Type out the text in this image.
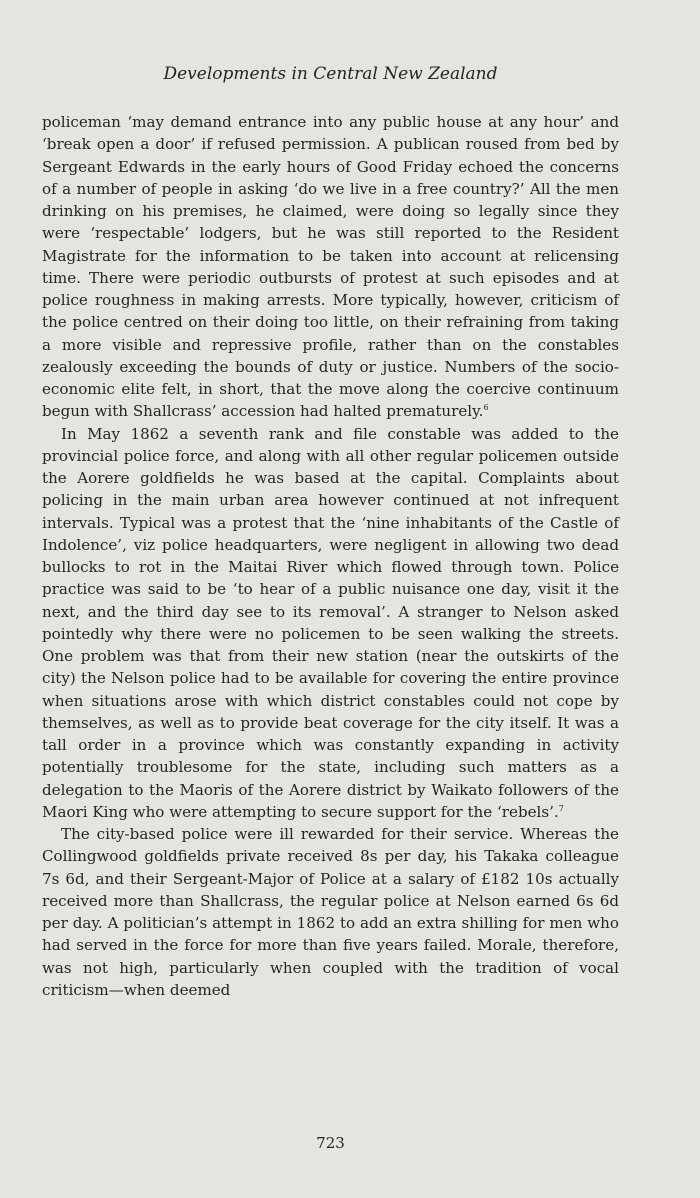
Developments in Central New Zealand

policeman ‘may demand entrance into any public house at any hour’ and ‘break open a door’ if refused permission. A publican roused from bed by Sergeant Edwards in the early hours of Good Friday echoed the concerns of a number of people in asking ‘do we live in a free country?’ All the men drinking on his premises, he claimed, were doing so legally since they were ‘respectable’ lodgers, but he was still reported to the Resident Magistrate for the information to be taken into account at relicensing time. There were periodic outbursts of protest at such episodes and at police roughness in making arrests. More typically, however, criticism of the police centred on their doing too little, on their refraining from taking a more visible and repressive profile, rather than on the constables zealously exceeding the bounds of duty or justice. Numbers of the socio-economic elite felt, in short, that the move along the coercive continuum begun with Shallcrass’ accession had halted prematurely.$^6$

In May 1862 a seventh rank and file constable was added to the provincial police force, and along with all other regular policemen outside the Aorere goldfields he was based at the capital. Complaints about policing in the main urban area however continued at not infrequent intervals. Typical was a protest that the ‘nine inhabitants of the Castle of Indolence’, viz police headquarters, were negligent in allowing two dead bullocks to rot in the Maitai River which flowed through town. Police practice was said to be ‘to hear of a public nuisance one day, visit it the next, and the third day see to its removal’. A stranger to Nelson asked pointedly why there were no policemen to be seen walking the streets. One problem was that from their new station (near the outskirts of the city) the Nelson police had to be available for covering the entire province when situations arose with which district constables could not cope by themselves, as well as to provide beat coverage for the city itself. It was a tall order in a province which was constantly expanding in activity potentially troublesome for the state, including such matters as a delegation to the Maoris of the Aorere district by Waikato followers of the Maori King who were attempting to secure support for the ‘rebels’.$^7$

The city-based police were ill rewarded for their service. Whereas the Collingwood goldfields private received 8s per day, his Takaka colleague 7s 6d, and their Sergeant-Major of Police at a salary of £182 10s actually received more than Shallcrass, the regular police at Nelson earned 6s 6d per day. A politician’s attempt in 1862 to add an extra shilling for men who had served in the force for more than five years failed. Morale, therefore, was not high, particularly when coupled with the tradition of vocal criticism—when deemed

723
